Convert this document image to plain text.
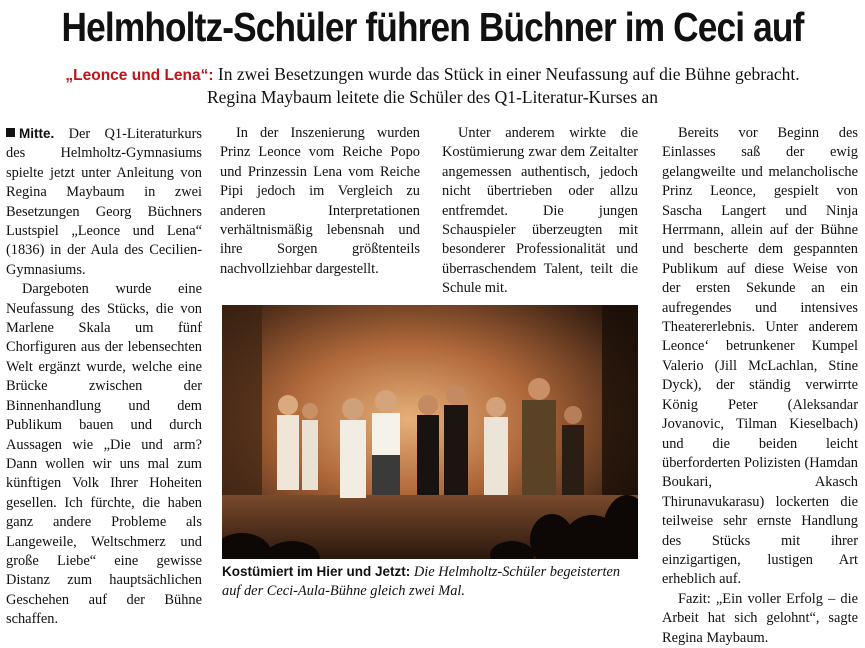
Helmholtz-Schüler führen Büchner im Ceci auf
„Leonce und Lena“: In zwei Besetzungen wurde das Stück in einer Neufassung auf die Bühne gebracht.
Regina Maybaum leitete die Schüler des Q1-Literatur-Kurses an

Mitte. Der Q1-Literaturkurs des Helmholtz-Gymnasiums spielte jetzt unter Anleitung von Regina Maybaum in zwei Besetzungen Georg Büchners Lustspiel „Leonce und Lena“ (1836) in der Aula des Cecilien-Gymnasiums.

Dargeboten wurde eine Neufassung des Stücks, die von Marlene Skala um fünf Chorfiguren aus der lebensechten Welt ergänzt wurde, welche eine Brücke zwischen der Binnenhandlung und dem Publikum bauen und durch Aussagen wie „Die und arm? Dann wollen wir uns mal zum künftigen Volk Ihrer Hoheiten gesellen. Ich fürchte, die haben ganz andere Probleme als Langeweile, Weltschmerz und große Liebe“ eine gewisse Distanz zum hauptsächlichen Geschehen auf der Bühne schaffen.

In der Inszenierung wurden Prinz Leonce vom Reiche Popo und Prinzessin Lena vom Reiche Pipi jedoch im Vergleich zu anderen Interpretationen verhältnismäßig lebensnah und ihre Sorgen größtenteils nachvollziehbar dargestellt.

Unter anderem wirkte die Kostümierung zwar dem Zeitalter angemessen authentisch, jedoch nicht übertrieben oder allzu entfremdet. Die jungen Schauspieler überzeugten mit besonderer Professionalität und überraschendem Talent, teilt die Schule mit.

Bereits vor Beginn des Einlasses saß der ewig gelangweilte und melancholische Prinz Leonce, gespielt von Sascha Langert und Ninja Herrmann, allein auf der Bühne und bescherte dem gespannten Publikum auf diese Weise von der ersten Sekunde an ein aufregendes und intensives Theatererlebnis. Unter anderem Leonce‘ betrunkener Kumpel Valerio (Jill McLachlan, Stine Dyck), der ständig verwirrte König Peter (Aleksandar Jovanovic, Tilman Kieselbach) und die beiden leicht überforderten Polizisten (Hamdan Boukari, Akasch Thirunavukarasu) lockerten die teilweise sehr ernste Handlung des Stücks mit ihrer einzigartigen, lustigen Art erheblich auf.

Fazit: „Ein voller Erfolg – die Arbeit hat sich gelohnt“, sagte Regina Maybaum.

Kostümiert im Hier und Jetzt: Die Helmholtz-Schüler begeisterten auf der Ceci-Aula-Bühne gleich zwei Mal.
